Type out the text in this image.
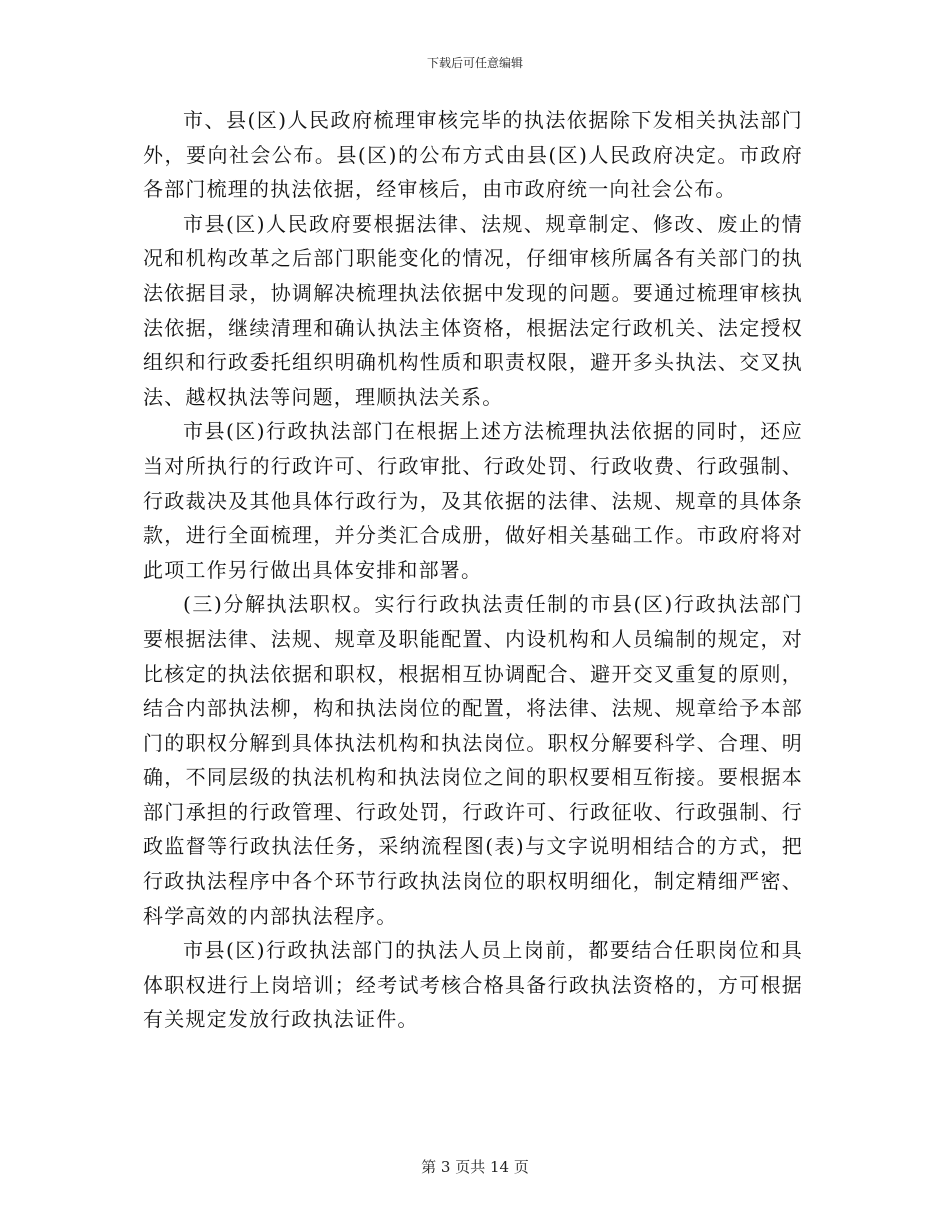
下载后可任意编辑

市、县(区)人民政府梳理审核完毕的执法依据除下发相关执法部门外，要向社会公布。县(区)的公布方式由县(区)人民政府决定。市政府各部门梳理的执法依据，经审核后，由市政府统一向社会公布。

市县(区)人民政府要根据法律、法规、规章制定、修改、废止的情况和机构改革之后部门职能变化的情况，仔细审核所属各有关部门的执法依据目录，协调解决梳理执法依据中发现的问题。要通过梳理审核执法依据，继续清理和确认执法主体资格，根据法定行政机关、法定授权组织和行政委托组织明确机构性质和职责权限，避开多头执法、交叉执法、越权执法等问题，理顺执法关系。

市县(区)行政执法部门在根据上述方法梳理执法依据的同时，还应当对所执行的行政许可、行政审批、行政处罚、行政收费、行政强制、行政裁决及其他具体行政行为，及其依据的法律、法规、规章的具体条款，进行全面梳理，并分类汇合成册，做好相关基础工作。市政府将对此项工作另行做出具体安排和部署。

(三)分解执法职权。实行行政执法责任制的市县(区)行政执法部门要根据法律、法规、规章及职能配置、内设机构和人员编制的规定，对比核定的执法依据和职权，根据相互协调配合、避开交叉重复的原则，结合内部执法柳，构和执法岗位的配置，将法律、法规、规章给予本部门的职权分解到具体执法机构和执法岗位。职权分解要科学、合理、明确，不同层级的执法机构和执法岗位之间的职权要相互衔接。要根据本部门承担的行政管理、行政处罚，行政许可、行政征收、行政强制、行政监督等行政执法任务，采纳流程图(表)与文字说明相结合的方式，把行政执法程序中各个环节行政执法岗位的职权明细化，制定精细严密、科学高效的内部执法程序。

市县(区)行政执法部门的执法人员上岗前，都要结合任职岗位和具体职权进行上岗培训；经考试考核合格具备行政执法资格的，方可根据有关规定发放行政执法证件。

第 3 页共 14 页
